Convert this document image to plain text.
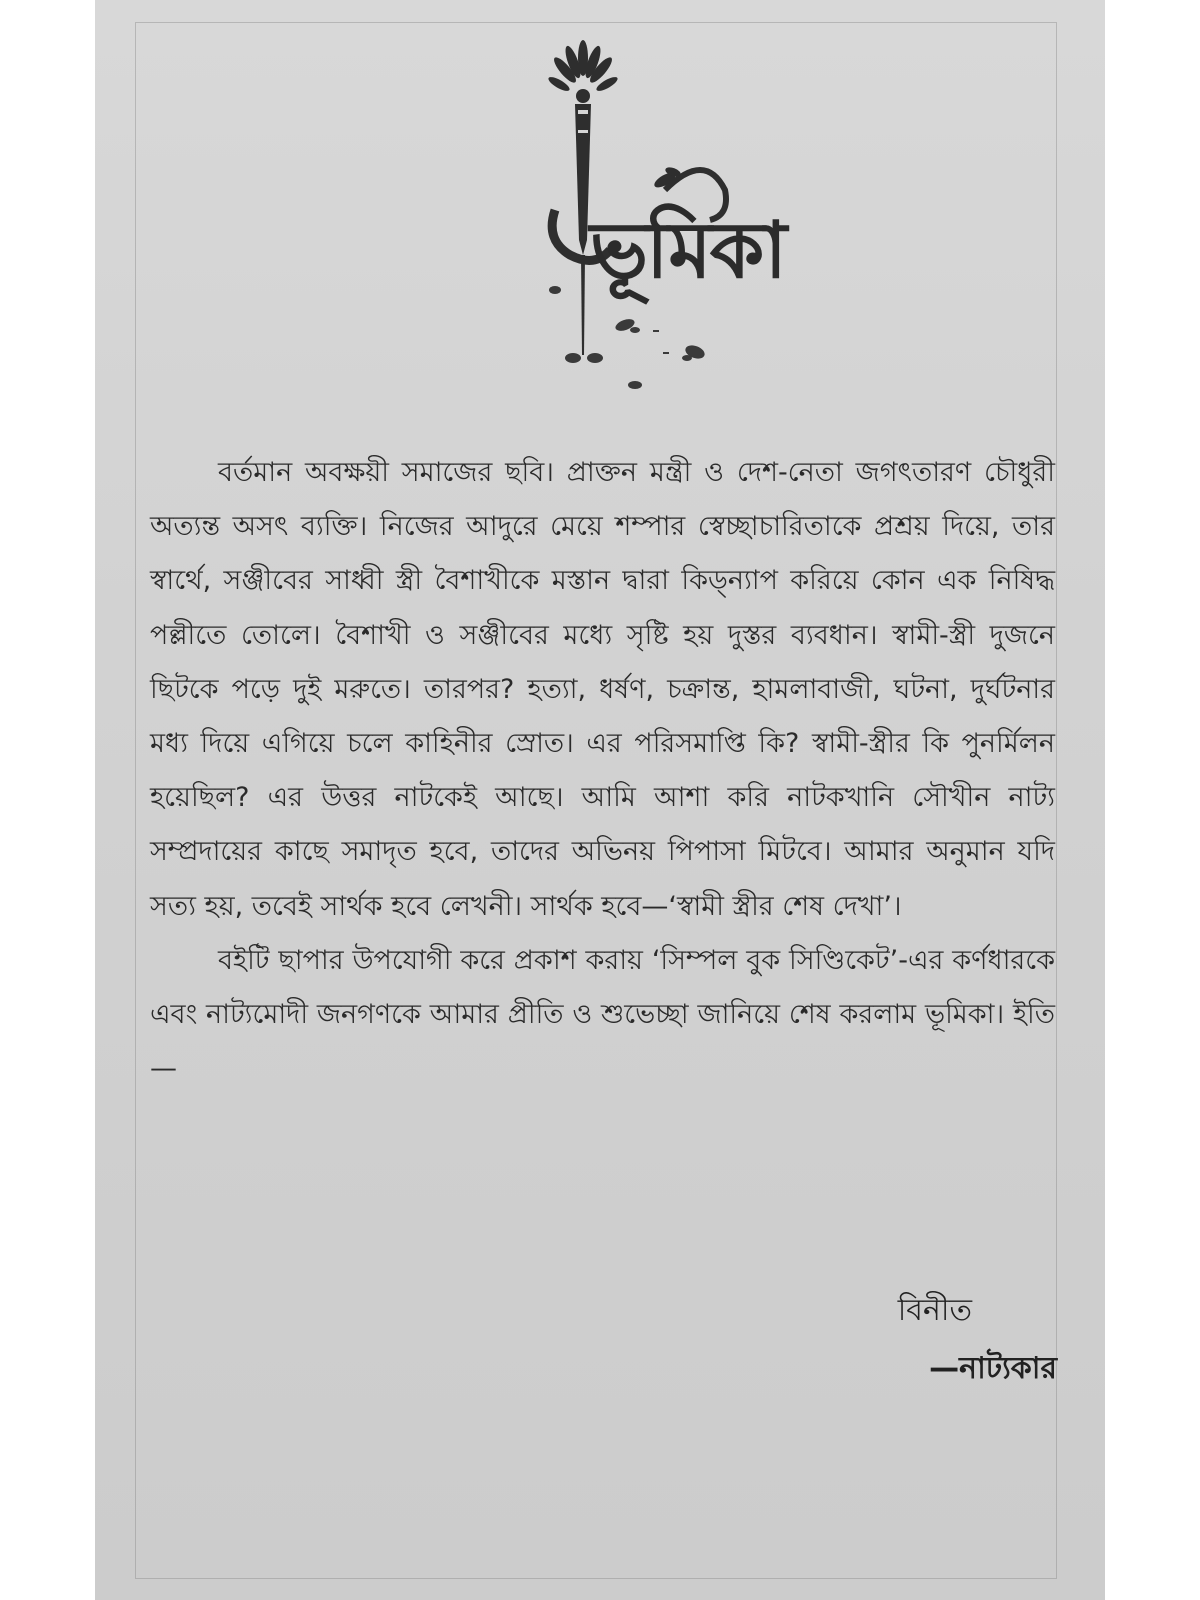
ভূমিকা

বর্তমান অবক্ষয়ী সমাজের ছবি। প্রাক্তন মন্ত্রী ও দেশ-নেতা জগৎতারণ চৌধুরী অত্যন্ত অসৎ ব্যক্তি। নিজের আদুরে মেয়ে শম্পার স্বেচ্ছাচারিতাকে প্রশ্রয় দিয়ে, তার স্বার্থে, সঞ্জীবের সাধ্বী স্ত্রী বৈশাখীকে মস্তান দ্বারা কিড্ন্যাপ করিয়ে কোন এক নিষিদ্ধ পল্লীতে তোলে। বৈশাখী ও সঞ্জীবের মধ্যে সৃষ্টি হয় দুস্তর ব্যবধান। স্বামী-স্ত্রী দুজনে ছিটকে পড়ে দুই মরুতে। তারপর? হত্যা, ধর্ষণ, চক্রান্ত, হামলাবাজী, ঘটনা, দুর্ঘটনার মধ্য দিয়ে এগিয়ে চলে কাহিনীর স্রোত। এর পরিসমাপ্তি কি? স্বামী-স্ত্রীর কি পুনর্মিলন হয়েছিল? এর উত্তর নাটকেই আছে। আমি আশা করি নাটকখানি সৌখীন নাট্য সম্প্রদায়ের কাছে সমাদৃত হবে, তাদের অভিনয় পিপাসা মিটবে। আমার অনুমান যদি সত্য হয়, তবেই সার্থক হবে লেখনী। সার্থক হবে—‘স্বামী স্ত্রীর শেষ দেখা’।

বইটি ছাপার উপযোগী করে প্রকাশ করায় ‘সিম্পল বুক সিণ্ডিকেট’-এর কর্ণধারকে এবং নাট্যমোদী জনগণকে আমার প্রীতি ও শুভেচ্ছা জানিয়ে শেষ করলাম ভূমিকা। ইতি—

বিনীত
—নাট্যকার
